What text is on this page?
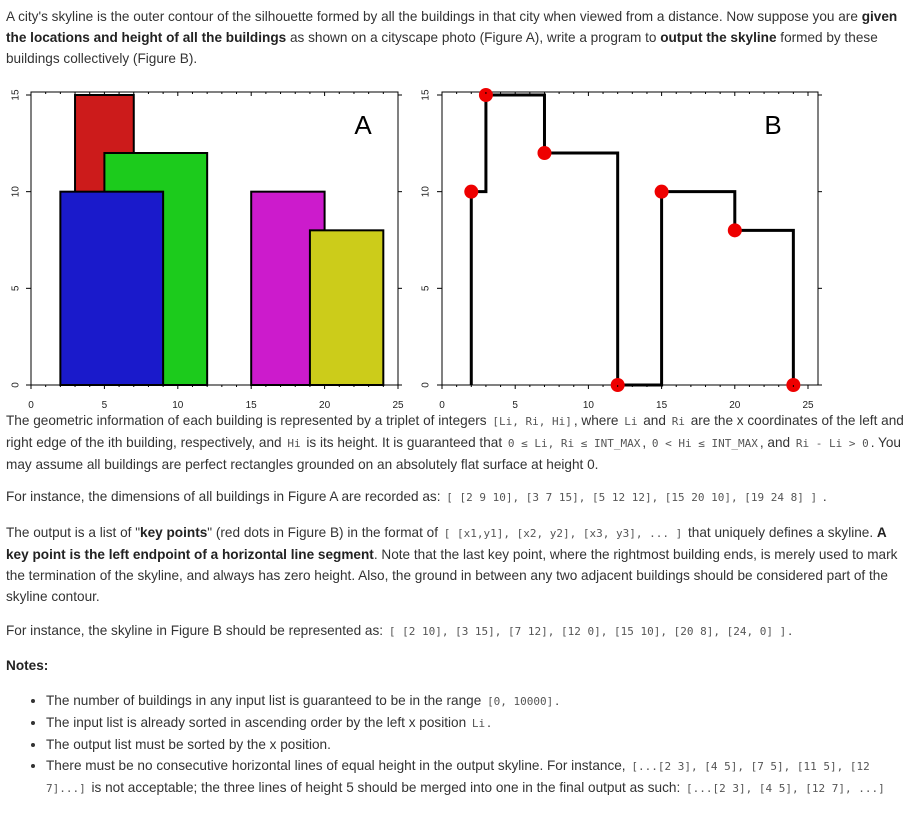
A city's skyline is the outer contour of the silhouette formed by all the buildings in that city when viewed from a distance. Now suppose you are given the locations and height of all the buildings as shown on a cityscape photo (Figure A), write a program to output the skyline formed by these buildings collectively (Figure B).

0	5	10	15	20	25
0
5
10
15
A
0	5	10	15	20	25
0
5
10
15
B

The geometric information of each building is represented by a triplet of integers [Li, Ri, Hi] , where Li and Ri are the x coordinates of the left and right edge of the ith building, respectively, and Hi is its height. It is guaranteed that 0 ≤ Li, Ri ≤ INT_MAX , 0 < Hi ≤ INT_MAX , and Ri - Li > 0 . You may assume all buildings are perfect rectangles grounded on an absolutely flat surface at height 0.

For instance, the dimensions of all buildings in Figure A are recorded as: [ [2 9 10], [3 7 15], [5 12 12], [15 20 10], [19 24 8] ] .

The output is a list of "key points" (red dots in Figure B) in the format of [ [x1,y1], [x2, y2], [x3, y3], ... ] that uniquely defines a skyline. A key point is the left endpoint of a horizontal line segment. Note that the last key point, where the rightmost building ends, is merely used to mark the termination of the skyline, and always has zero height. Also, the ground in between any two adjacent buildings should be considered part of the skyline contour.

For instance, the skyline in Figure B should be represented as: [ [2 10], [3 15], [7 12], [12 0], [15 10], [20 8], [24, 0] ] .

Notes:

• The number of buildings in any input list is guaranteed to be in the range [0, 10000] .
• The input list is already sorted in ascending order by the left x position Li .
• The output list must be sorted by the x position.
• There must be no consecutive horizontal lines of equal height in the output skyline. For instance, [...[2 3], [4 5], [7 5], [11 5], [12 7]...] is not acceptable; the three lines of height 5 should be merged into one in the final output as such: [...[2 3], [4 5], [12 7], ...]
